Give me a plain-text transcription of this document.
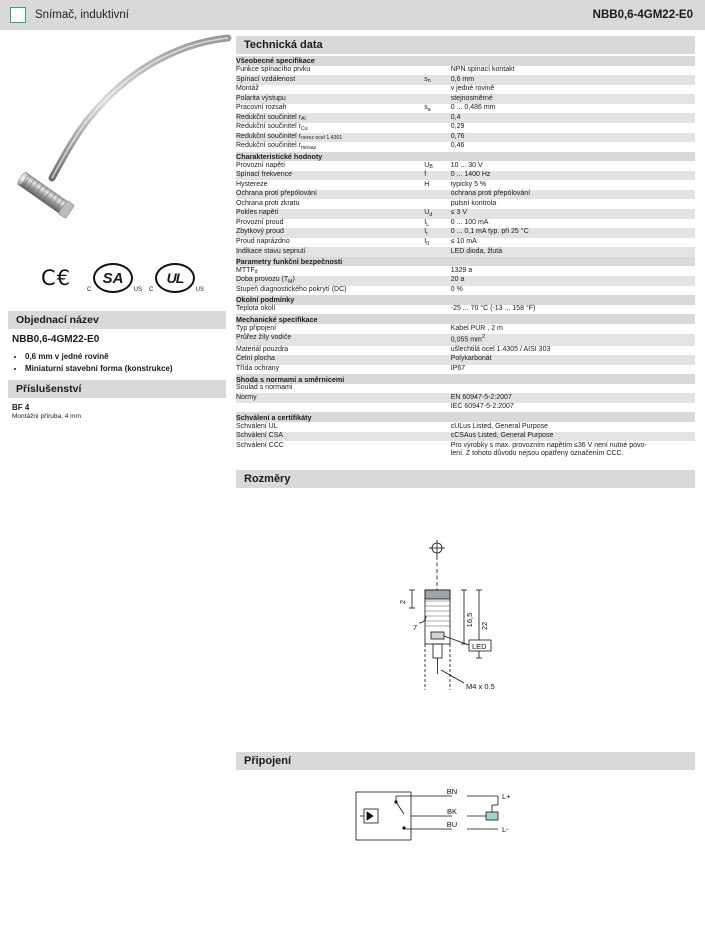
Snímač, induktivní	NBB0,6-4GM22-E0
C€	SA
C	US
UL
C	US
Objednací název
NBB0,6-4GM22-E0
• 0,6 mm v jedné rovině
• Miniaturní stavební forma (konstrukce)
Příslušenství
BF 4
Montážní příruba, 4 mm
Technická data
Všeobecné specifikace		
Funkce spínacího prvku		NPN spínací kontakt
Spínací vzdálenost	$s_n$	0,6 mm
Montáž		v jedné rovině
Polarita výstupu		stejnosměrné
Pracovní rozsah	$s_a$	0 ... 0,486 mm
Redukční součinitel $r_{Al}$		0,4
Redukční součinitel $r_{Cu}$		0,29
Redukční součinitel $r_{nerez ocel 1.4301}$		0,76
Redukční součinitel $r_{mosaz}$		0,46
Charakteristické hodnoty		
Provozní napětí	$U_B$	10 ... 30 V
Spínací frekvence	f	0 ... 1400 Hz
Hystereze	H	typicky 5 %
Ochrana proti přepólování		ochrana proti přepólování
Ochrana proti zkratu		pulsní kontrola
Pokles napětí	$U_d$	≤ 3 V
Provozní proud	$I_L$	0 ... 100 mA
Zbytkový proud	$I_r$	0 ... 0,1 mA typ. při 25 °C
Proud naprázdno	$I_0$	≤ 10 mA
Indikace stavu sepnutí		LED dioda, žlutá
Parametry funkční bezpečnosti		
$MTTF_d$		1329 a
Doba provozu $(T_M)$		20 a
Stupeň diagnostického pokrytí (DC)		0 %
Okolní podmínky		
Teplota okolí		-25 ... 70 °C (-13 ... 158 °F)
Mechanické specifikace		
Typ připojení		Kabel PUR , 2 m
Průřez žíly vodiče		0,055 $mm^2$
Materiál pouzdra		ušlechtilá ocel 1.4305 / AISI 303
Čelní plocha		Polykarbonát
Třída ochrany		IP67
Shoda s normami a směrnicemi		
Soulad s normami		
Normy		EN 60947-5-2:2007
		IEC 60947-5-2:2007
Schválení a certifikáty		
Schválení UL		cULus Listed, General Purpose
Schválení CSA		cCSAus Listed, General Purpose
Schválení CCC		Pro výrobky s max. provozním napětím ≤36 V není nutné povo-
lení. Z tohoto důvodu nejsou opatřeny označením CCC.
Rozměry
2
7
16,5 22
LED
M4 x 0.5
Připojení
BN
BK
BU
L+
L-
